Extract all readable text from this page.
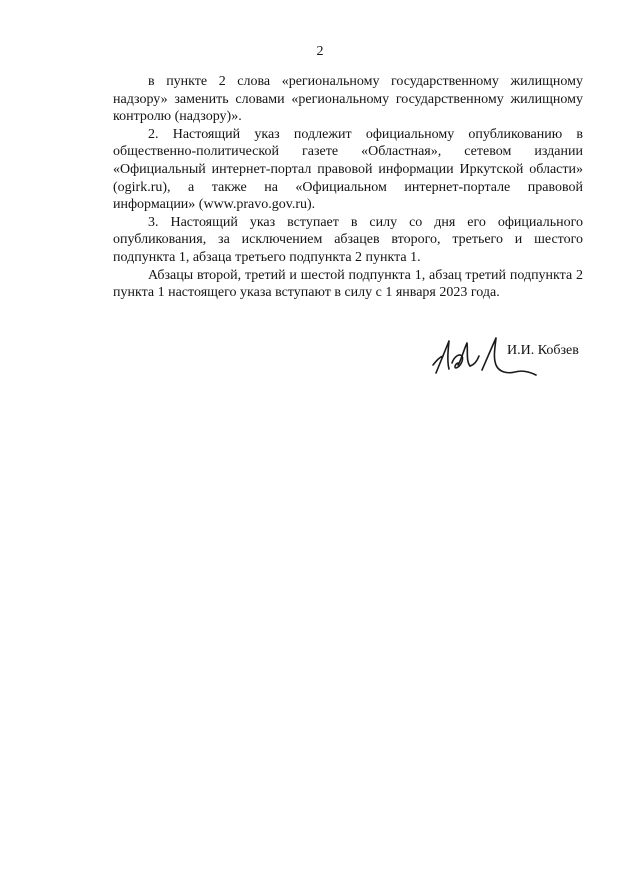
2

в пункте 2 слова «региональному государственному жилищному надзору» заменить словами «региональному государственному жилищному контролю (надзору)».

2. Настоящий указ подлежит официальному опубликованию в общественно-политической газете «Областная», сетевом издании «Официальный интернет-портал правовой информации Иркутской области» (ogirk.ru), а также на «Официальном интернет-портале правовой информации» (www.pravo.gov.ru).

3. Настоящий указ вступает в силу со дня его официального опубликования, за исключением абзацев второго, третьего и шестого подпункта 1, абзаца третьего подпункта 2 пункта 1.

Абзацы второй, третий и шестой подпункта 1, абзац третий подпункта 2 пункта 1 настоящего указа вступают в силу с 1 января 2023 года.

И.И. Кобзев
